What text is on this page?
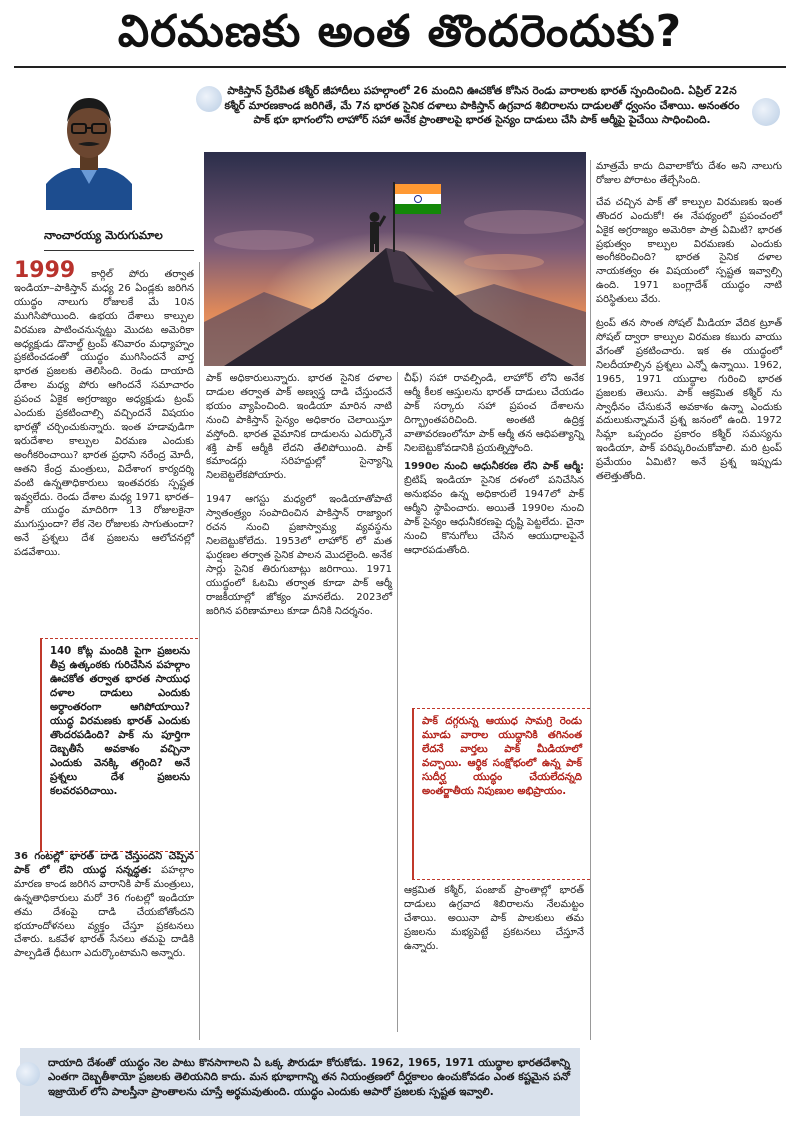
విరమణకు అంత తొందరెందుకు?
పాకిస్తాన్ ప్రేరేపిత కశ్మీర్ జీహాదీలు పహల్గాంలో 26 మందిని ఊచకోత కోసిన రెండు వారాలకు భారత్ స్పందించింది. ఏప్రిల్ 22న కశ్మీర్ మారణకాండ జరిగితే, మే 7న భారత సైనిక దళాలు పాకిస్తాన్ ఉగ్రవాద శిబిరాలను దాడులతో ధ్వంసం చేశాయి. అనంతరం పాక్ భూ భాగంలోని లాహోర్ సహా అనేక ప్రాంతాలపై భారత సైన్యం దాడులు చేసి పాక్ ఆర్మీపై పైచేయి సాధించింది.
నాంచారయ్య మెరుగుమాల

1999 కార్గిల్ పోరు తర్వాత ఇండియా–పాకిస్తాన్ మధ్య 26 ఏండ్లకు జరిగిన యుద్ధం నాలుగు రోజులకే మే 10న ముగిసిపోయింది. ఉభయ దేశాలు కాల్పుల విరమణ పాటించనున్నట్టు మొదట అమెరికా అధ్యక్షుడు డొనాల్డ్ ట్రంప్ శనివారం మధ్యాహ్నం ప్రకటించడంతో యుద్ధం ముగిసిందనే వార్త భారత ప్రజలకు తెలిసింది. రెండు దాయాది దేశాల మధ్య పోరు ఆగిందనే సమాచారం ప్రపంచ ఏకైక అగ్రరాజ్యం అధ్యక్షుడు ట్రంప్ ఎందుకు ప్రకటించాల్సి వచ్చిందనే విషయం భారత్లో చర్చించుకున్నారు. ఇంత హడావుడిగా ఇరుదేశాల కాల్పుల విరమణ ఎందుకు అంగీకరించాయి? భారత ప్రధాని నరేంద్ర మోదీ, ఆతని కేంద్ర మంత్రులు, విదేశాంగ కార్యదర్శి వంటి ఉన్నతాధికారులు ఇంతవరకు స్పష్టత ఇవ్వలేదు. రెండు దేశాల మధ్య 1971 భారత–పాక్ యుద్ధం మాదిరిగా 13 రోజులకైనా ముగుస్తుందా? లేక నెల రోజులకు సాగుతుందా? అనే ప్రశ్నలు దేశ ప్రజలను ఆలోచనల్లో పడవేశాయి.

140 కోట్ల మందికి పైగా ప్రజలను తీవ్ర ఉత్కంఠకు గురిచేసిన పహల్గాం ఊచకోత తర్వాత భారత సాయుధ దళాల దాడులు ఎందుకు అర్ధాంతరంగా ఆగిపోయాయి? యుద్ధ విరమణకు భారత్ ఎందుకు తొందరపడింది? పాక్ ను పూర్తిగా దెబ్బతీసే అవకాశం వచ్చినా ఎందుకు వెనక్కి తగ్గింది? అనే ప్రశ్నలు దేశ ప్రజలను కలవరపరిచాయి.

36 గంటల్లో భారత్ దాడి చేస్తుందని చెప్పిన పాక్ లో లేని యుద్ధ సన్నద్ధత: పహల్గాం మారణ కాండ జరిగిన వారానికి పాక్ మంత్రులు, ఉన్నతాధికారులు మరో 36 గంటల్లో ఇండియా తమ దేశంపై దాడి చేయబోతోందని భయాందోళనలు వ్యక్తం చేస్తూ ప్రకటనలు చేశారు. ఒకవేళ భారత్ సేనలు తమపై దాడికి పాల్పడితే ధీటుగా ఎదుర్కొంటామని అన్నారు.

పాక్ అధికారులున్నారు. భారత సైనిక దళాల దాడుల తర్వాత పాక్ అణ్వస్త్ర దాడి చేస్తుందనే భయం వ్యాపించింది. ఇండియా మారిన నాటి నుంచి పాకిస్తాన్ సైన్యం అధికారం చెలాయిస్తూ వస్తోంది. భారత వైమానిక దాడులను ఎదుర్కొనే శక్తి పాక్ ఆర్మీకి లేదని తేలిపోయింది. పాక్ కమాండర్లు సరిహద్దుల్లో సైన్యాన్ని నిలబెట్టలేకపోయారు.

1947 ఆగస్టు మధ్యలో ఇండియాతోపాటే స్వాతంత్ర్యం సంపాదించిన పాకిస్తాన్ రాజ్యాంగ రచన నుంచి ప్రజాస్వామ్య వ్యవస్థను నిలబెట్టుకోలేదు. 1953లో లాహోర్ లో మత ఘర్షణల తర్వాత సైనిక పాలన మొదలైంది. అనేక సార్లు సైనిక తిరుగుబాట్లు జరిగాయి. 1971 యుద్ధంలో ఓటమి తర్వాత కూడా పాక్ ఆర్మీ రాజకీయాల్లో జోక్యం మానలేదు. 2023లో జరిగిన పరిణామాలు కూడా దీనికి నిదర్శనం.

చీఫ్) సహా రావల్పిండి, లాహోర్ లోని అనేక ఆర్మీ కీలక ఆస్తులను భారత్ దాడులు చేయడం పాక్ సర్కారు సహా ప్రపంచ దేశాలను దిగ్భ్రాంతపరిచింది. అంతటి ఉద్రిక్త వాతావరణంలోనూ పాక్ ఆర్మీ తన ఆధిపత్యాన్ని నిలబెట్టుకోవడానికి ప్రయత్నిస్తోంది.

1990ల నుంచి ఆధునీకరణ లేని పాక్ ఆర్మీ: బ్రిటిష్ ఇండియా సైనిక దళంలో పనిచేసిన అనుభవం ఉన్న అధికారులే 1947లో పాక్ ఆర్మీని స్థాపించారు. అయితే 1990ల నుంచి పాక్ సైన్యం ఆధునీకరణపై దృష్టి పెట్టలేదు. చైనా నుంచి కొనుగోలు చేసిన ఆయుధాలపైనే ఆధారపడుతోంది.

పాక్ దగ్గరున్న ఆయుధ సామగ్రి రెండు మూడు వారాల యుద్ధానికి తగినంత లేదనే వార్తలు పాక్ మీడియాలో వచ్చాయి. ఆర్థిక సంక్షోభంలో ఉన్న పాక్ సుదీర్ఘ యుద్ధం చేయలేదన్నది అంతర్జాతీయ నిపుణుల అభిప్రాయం.

ఆక్రమిత కశ్మీర్, పంజాబ్ ప్రాంతాల్లో భారత్ దాడులు ఉగ్రవాద శిబిరాలను నేలమట్టం చేశాయి. అయినా పాక్ పాలకులు తమ ప్రజలను మభ్యపెట్టే ప్రకటనలు చేస్తూనే ఉన్నారు.

మాత్రమే కాదు దివాలాకోరు దేశం అని నాలుగు రోజుల పోరాటం తేల్చేసింది.

చేవ చచ్చిన పాక్ తో కాల్పుల విరమణకు ఇంత తొందర ఎందుకో! ఈ నేపథ్యంలో ప్రపంచంలో ఏకైక అగ్రరాజ్యం అమెరికా పాత్ర ఏమిటి? భారత ప్రభుత్వం కాల్పుల విరమణకు ఎందుకు అంగీకరించింది? భారత సైనిక దళాల నాయకత్వం ఈ విషయంలో స్పష్టత ఇవ్వాల్సి ఉంది. 1971 బంగ్లాదేశ్ యుద్ధం నాటి పరిస్థితులు వేరు.

ట్రంప్ తన సొంత సోషల్ మీడియా వేదిక ట్రూత్ సోషల్ ద్వారా కాల్పుల విరమణ కబురు వాయు వేగంతో ప్రకటించారు. ఇక ఈ యుద్ధంలో నిలదీయాల్సిన ప్రశ్నలు ఎన్నో ఉన్నాయి. 1962, 1965, 1971 యుద్ధాల గురించి భారత ప్రజలకు తెలుసు. పాక్ ఆక్రమిత కశ్మీర్ ను స్వాధీనం చేసుకునే అవకాశం ఉన్నా ఎందుకు వదులుకున్నామనే ప్రశ్న జనంలో ఉంది. 1972 సిమ్లా ఒప్పందం ప్రకారం కశ్మీర్ సమస్యను ఇండియా, పాక్ పరిష్కరించుకోవాలి. మరి ట్రంప్ ప్రమేయం ఏమిటి? అనే ప్రశ్న ఇప్పుడు తలెత్తుతోంది.

దాయాది దేశంతో యుద్ధం నెల పాటు కొనసాగాలని ఏ ఒక్క పౌరుడూ కోరుకోడు. 1962, 1965, 1971 యుద్ధాల భారతదేశాన్ని ఎంతగా దెబ్బతీశాయో ప్రజలకు తెలియనిది కాదు. మన భూభాగాన్ని తన నియంత్రణలో దీర్ఘకాలం ఉంచుకోవడం ఎంత కష్టమైన పనో ఇజ్రాయెల్ లోని పాలస్తీనా ప్రాంతాలను చూస్తే అర్థమవుతుంది. యుద్ధం ఎందుకు ఆపారో ప్రజలకు స్పష్టత ఇవ్వాలి.
